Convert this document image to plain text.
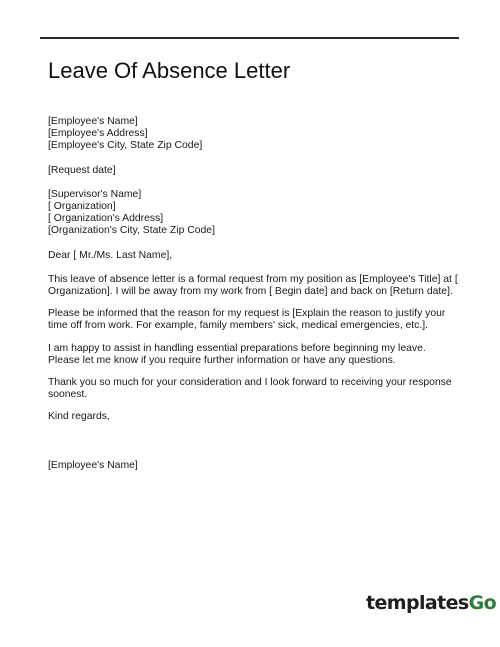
Leave Of Absence Letter
[Employee's Name]
[Employee's Address]
[Employee's City, State Zip Code]
[Request date]
[Supervisor's Name]
[ Organization]
[ Organization's Address]
[Organization's City, State Zip Code]
Dear [ Mr./Ms. Last Name],
This leave of absence letter is a formal request from my position as [Employee's Title] at [ Organization]. I will be away from my work from [ Begin date] and back on [Return date].
Please be informed that the reason for my request is [Explain the reason to justify your time off from work. For example, family members' sick, medical emergencies, etc.].
I am happy to assist in handling essential preparations before beginning my leave. Please let me know if you require further information or have any questions.
Thank you so much for your consideration and I look forward to receiving your response soonest.
Kind regards,
[Employee's Name]
templatesGo
